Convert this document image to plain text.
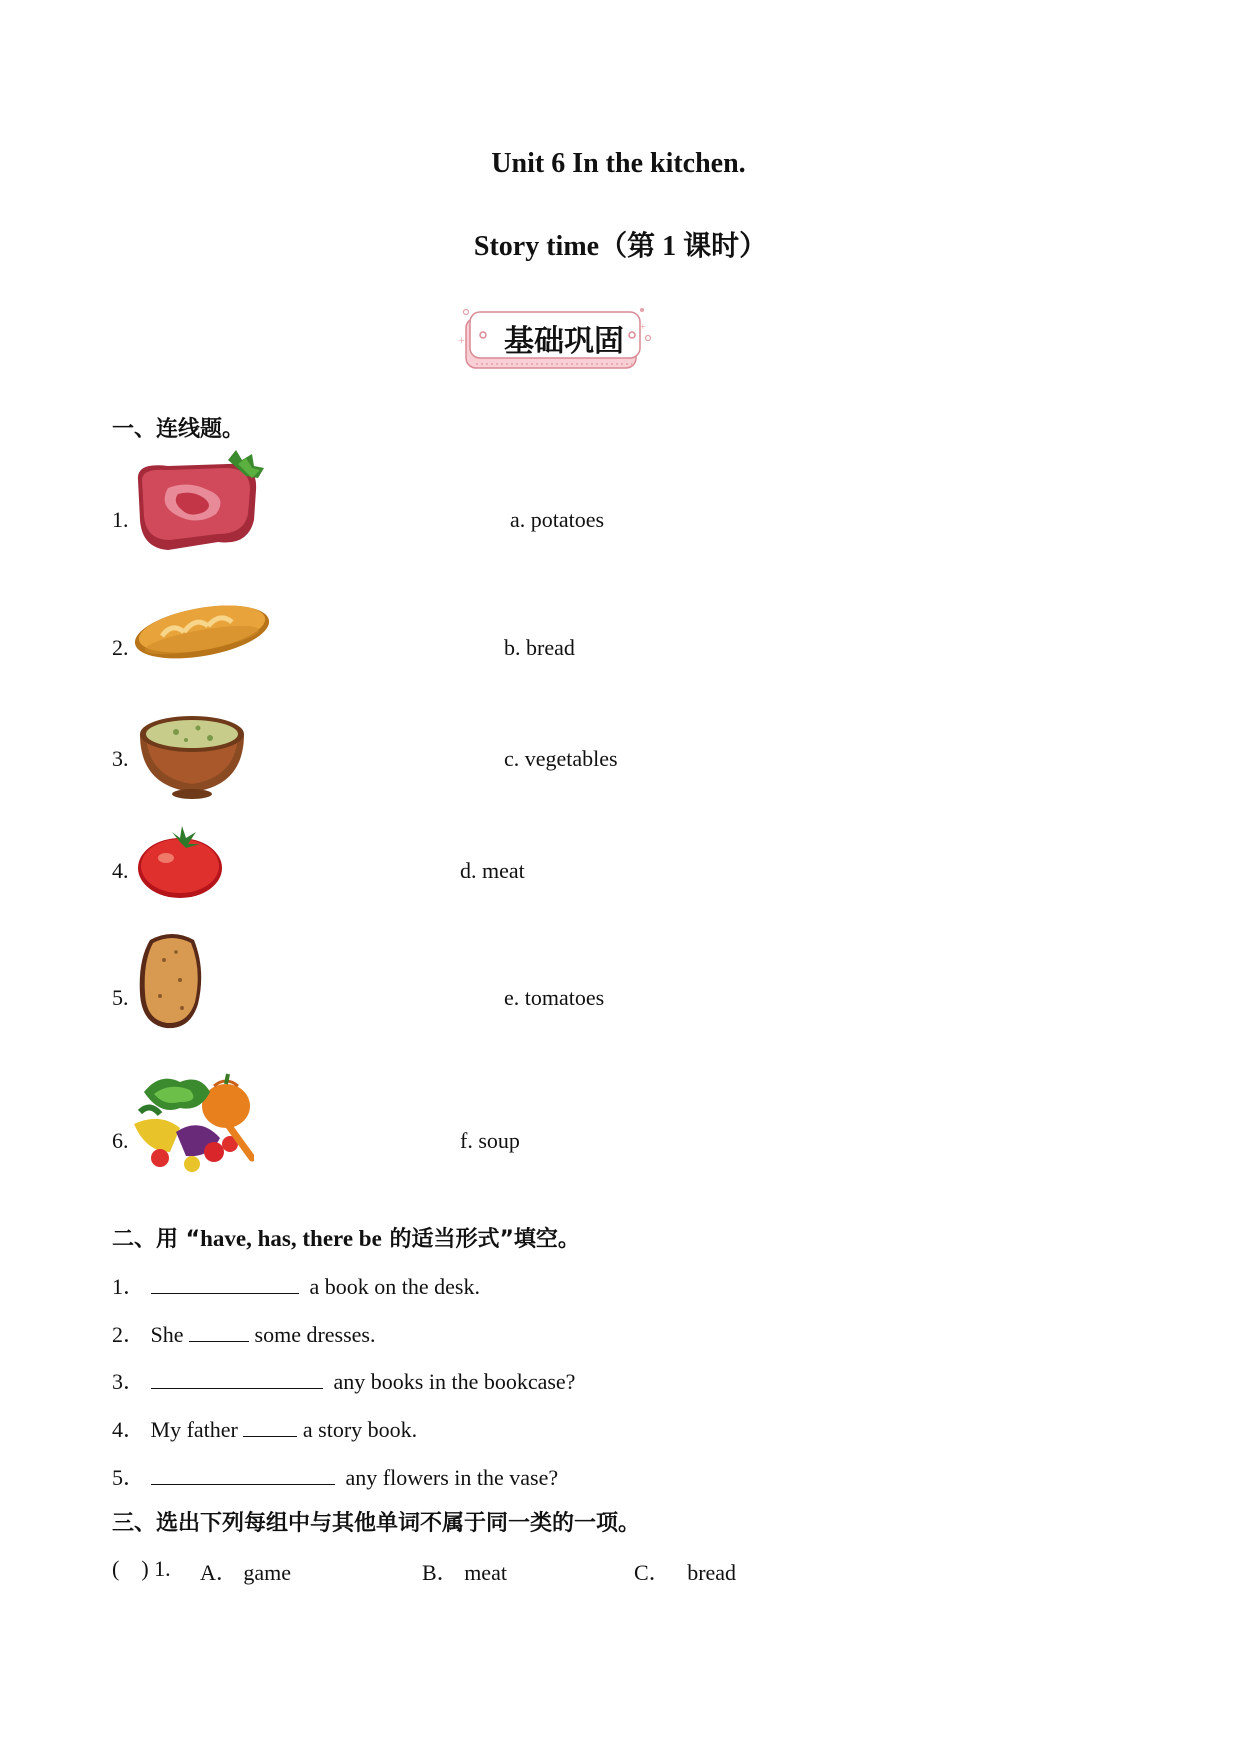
Unit 6 In the kitchen.
Story time（第 1 课时）
+
+
基础巩固
一、连线题。
1.	a. potatoes
2.	b. bread
3.	c. vegetables
4.	d. meat
5.	e. tomatoes
6.	f. soup
二、用 “have, has, there be 的适当形式”填空。
1．	a book on the desk.
2． She	some dresses.
3．	any books in the bookcase?
4． My father	a story book.
5．	any flowers in the vase?
三、选出下列每组中与其他单词不属于同一类的一项。
(    ) 1. A． game	B． meat	C． bread
